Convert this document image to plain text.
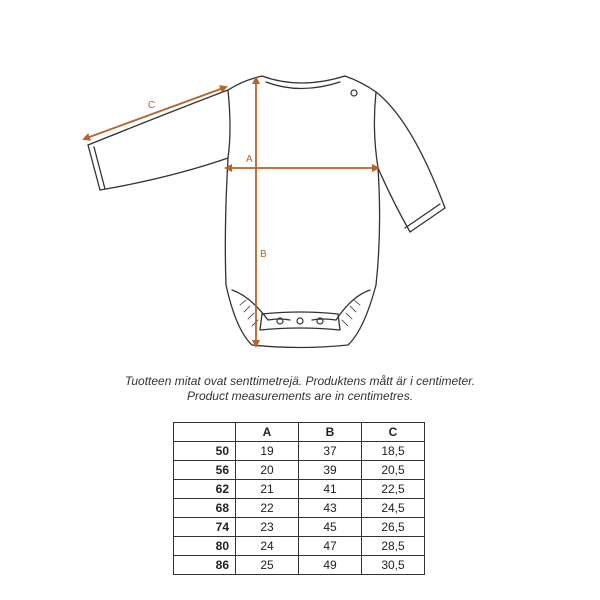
C
A
B
Tuotteen mitat ovat senttimetrejä. Produktens mått är i centimeter.
Product measurements are in centimetres.
	A	B	C
50	19	37	18,5
56	20	39	20,5
62	21	41	22,5
68	22	43	24,5
74	23	45	26,5
80	24	47	28,5
86	25	49	30,5
